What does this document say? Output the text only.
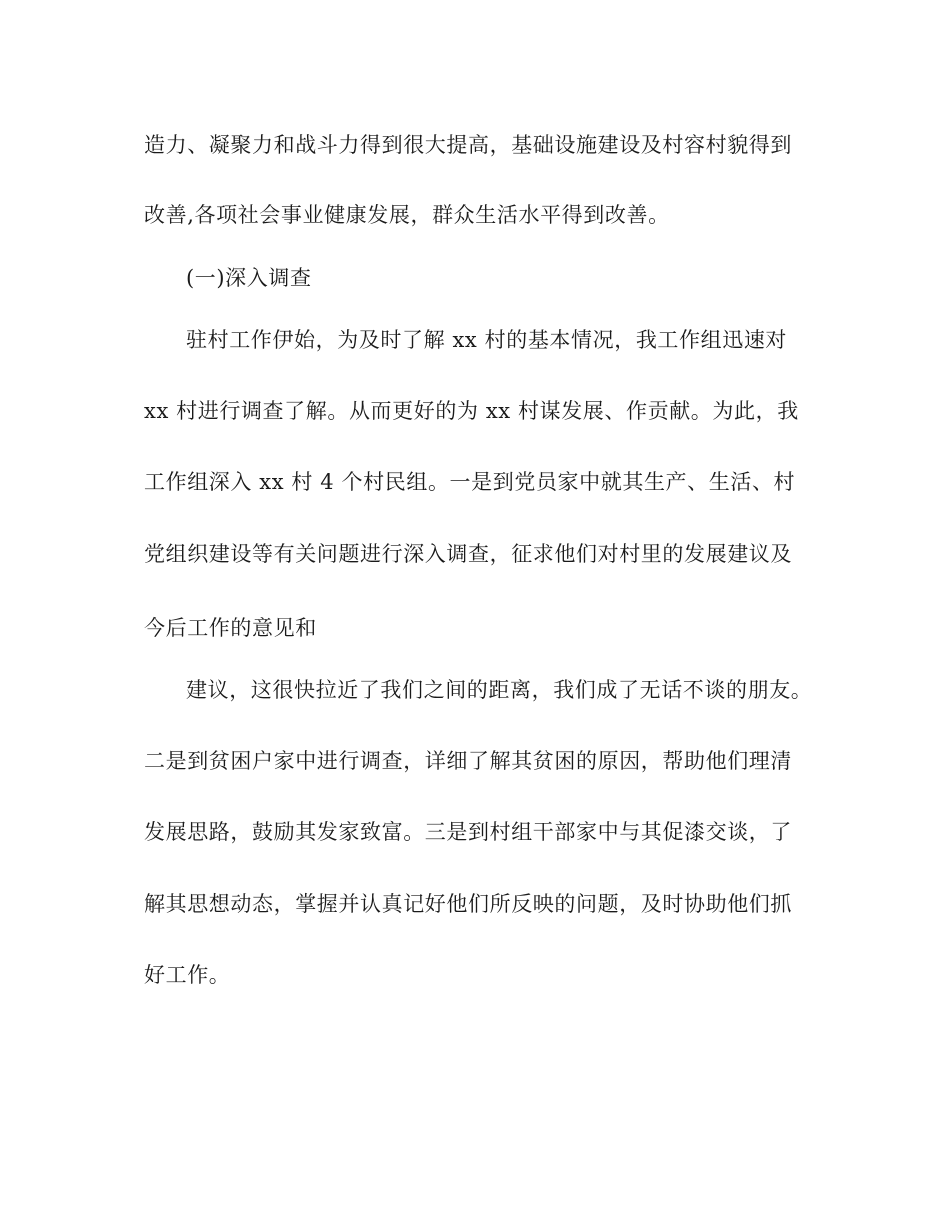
造力、凝聚力和战斗力得到很大提高，基础设施建设及村容村貌得到
改善,各项社会事业健康发展，群众生活水平得到改善。
(一)深入调查
驻村工作伊始，为及时了解 xx 村的基本情况，我工作组迅速对
xx 村进行调查了解。从而更好的为 xx 村谋发展、作贡献。为此，我
工作组深入 xx 村 4 个村民组。一是到党员家中就其生产、生活、村
党组织建设等有关问题进行深入调查，征求他们对村里的发展建议及
今后工作的意见和
建议，这很快拉近了我们之间的距离，我们成了无话不谈的朋友。
二是到贫困户家中进行调查，详细了解其贫困的原因，帮助他们理清
发展思路，鼓励其发家致富。三是到村组干部家中与其促漆交谈，了
解其思想动态，掌握并认真记好他们所反映的问题，及时协助他们抓
好工作。
